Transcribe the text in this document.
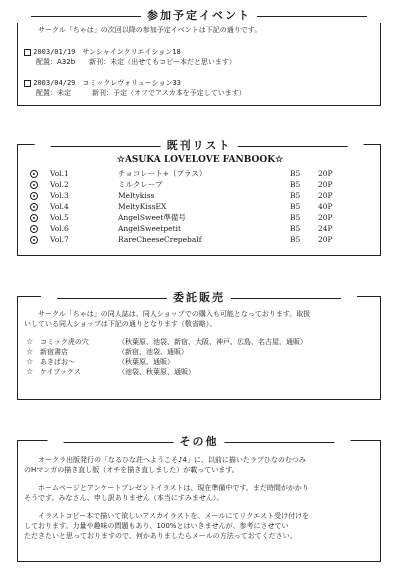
参加予定イベント
サークル「ちゃは」の次回以降の参加予定イベントは下記の通りです。
2003/01/19　サンシャインクリエイション18
配置：A32b　　新刊：未定（出せてもコピー本だと思います）
2003/04/29　コミックレヴォリューション33
配置：未定　　　新刊：予定（オフでアスカ本を予定しています）
既刊リスト
☆ASUKA LOVELOVE FANBOOK☆
Vol.1	チョコレート+（プラス）	B5 20P
Vol.2	ミルクレープ	B5 20P
Vol.3	Meltykiss	B5 20P
Vol.4	MeltyKissEX	B5 40P
Vol.5	AngelSweet準備号	B5 20P
Vol.6	AngelSweetpetit	B5 24P
Vol.7	RareCheeseCrepebalf	B5 20P
委託販売
サークル「ちゃは」の同人誌は、同人ショップでの購入も可能となっております。取扱
いしている同人ショップは下記の通りとなります（敬省略）。
☆ コミック虎の穴	（秋葉原、池袋、新宿、大阪、神戸、広島、名古屋、通販）
☆ 新宿書店	（新宿、池袋、通販）
☆ あきばお～	（秋葉原、通販）
☆ ケイブックス	（池袋、秋葉原、通販）
その他
オークラ出版発行の「なるひな荘へようこそ♪4」に、以前に描いたラブひなのむつみ
のHマンガの描き直し版（オチを描き直しました）が載っています。
ホームページとアンケートプレゼントイラストは、現在準備中です。まだ時間がかかり
そうです。みなさん、申し訳ありません（本当にすみません）。
イラストコピー本で描いて欲しいアスカイラストを、メールにてリクエスト受け付けを
しております。力量や趣味の問題もあり、100%とはいきませんが、参考にさせてい
ただきたいと思っておりますので、何かありましたらメールの方法っておてください。
